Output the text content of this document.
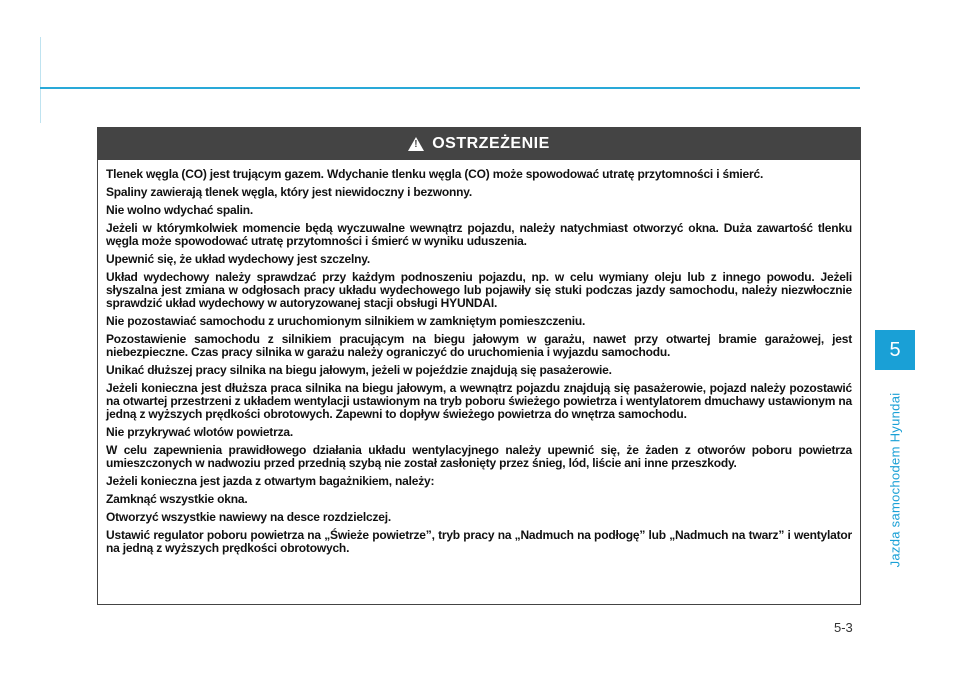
5
Jazda samochodem Hyundai
!
OSTRZEŻENIE

Tlenek węgla (CO) jest trującym gazem. Wdychanie tlenku węgla (CO) może spowodować utratę przytomności i śmierć.

Spaliny zawierają tlenek węgla, który jest niewidoczny i bezwonny.

Nie wolno wdychać spalin.

Jeżeli w którymkolwiek momencie będą wyczuwalne wewnątrz pojazdu, należy natychmiast otworzyć okna. Duża zawartość tlenku węgla może spowodować utratę przytomności i śmierć w wyniku uduszenia.

Upewnić się, że układ wydechowy jest szczelny.

Układ wydechowy należy sprawdzać przy każdym podnoszeniu pojazdu, np. w celu wymiany oleju lub z innego powodu. Jeżeli słyszalna jest zmiana w odgłosach pracy układu wydechowego lub pojawiły się stuki podczas jazdy samochodu, należy niezwłocznie sprawdzić układ wydechowy w autoryzowanej stacji obsługi HYUNDAI.

Nie pozostawiać samochodu z uruchomionym silnikiem w zamkniętym pomieszczeniu.

Pozostawienie samochodu z silnikiem pracującym na biegu jałowym w garażu, nawet przy otwartej bramie garażowej, jest niebezpieczne. Czas pracy silnika w garażu należy ograniczyć do uruchomienia i wyjazdu samochodu.

Unikać dłuższej pracy silnika na biegu jałowym, jeżeli w pojeździe znajdują się pasażerowie.

Jeżeli konieczna jest dłuższa praca silnika na biegu jałowym, a wewnątrz pojazdu znajdują się pasażerowie, pojazd należy pozostawić na otwartej przestrzeni z układem wentylacji ustawionym na tryb poboru świeżego powietrza i wentylatorem dmuchawy ustawionym na jedną z wyższych prędkości obrotowych. Zapewni to dopływ świeżego powietrza do wnętrza samochodu.

Nie przykrywać wlotów powietrza.

W celu zapewnienia prawidłowego działania układu wentylacyjnego należy upewnić się, że żaden z otworów poboru powietrza umieszczonych w nadwoziu przed przednią szybą nie został zasłonięty przez śnieg, lód, liście ani inne przeszkody.

Jeżeli konieczna jest jazda z otwartym bagażnikiem, należy:

Zamknąć wszystkie okna.

Otworzyć wszystkie nawiewy na desce rozdzielczej.

Ustawić regulator poboru powietrza na „Świeże powietrze”, tryb pracy na „Nadmuch na podłogę” lub „Nadmuch na twarz” i wentylator na jedną z wyższych prędkości obrotowych.

5-3
